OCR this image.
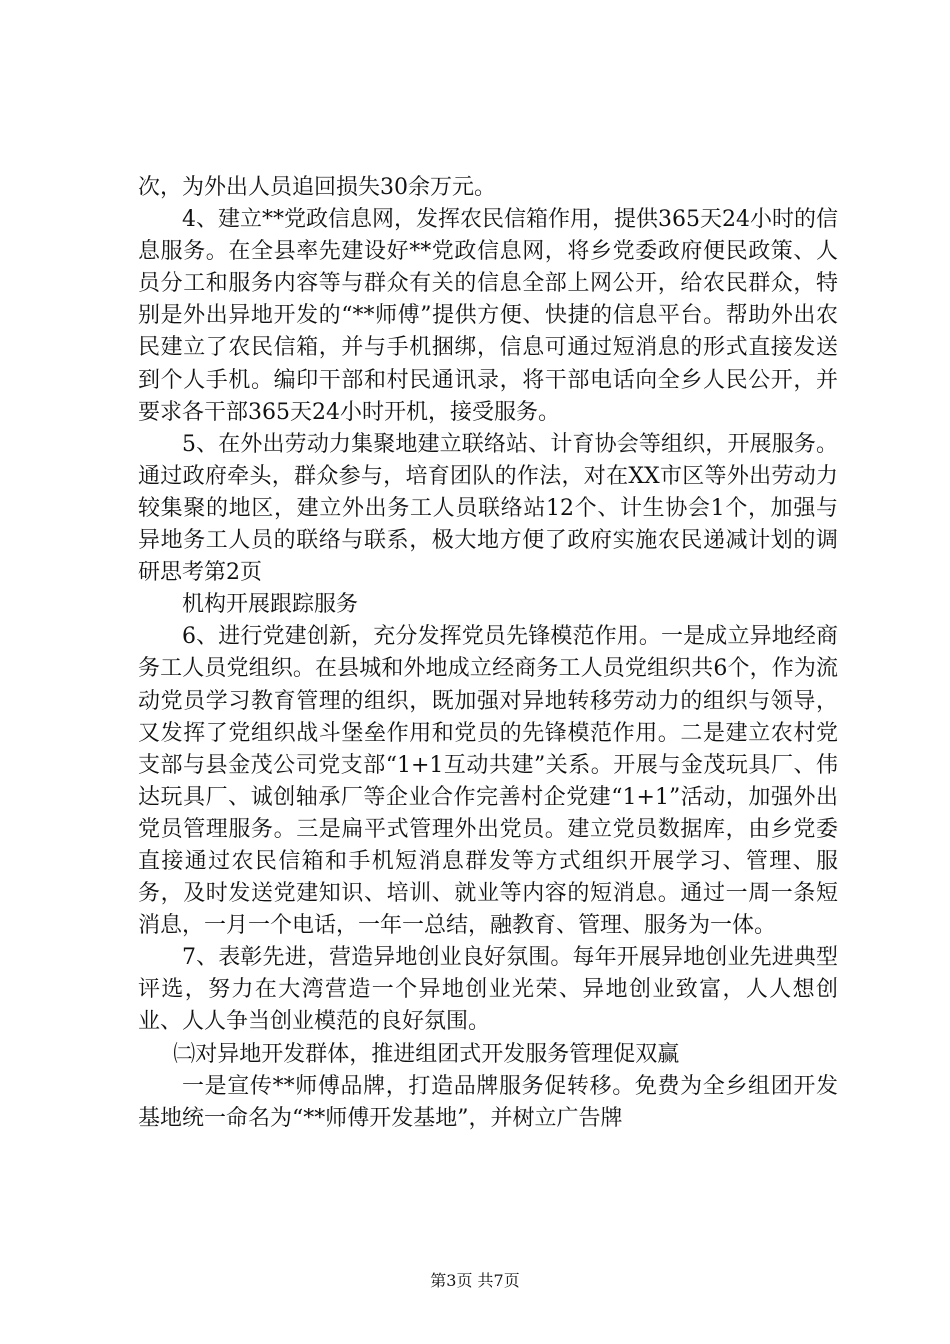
次，为外出人员追回损失30余万元。

4、建立**党政信息网，发挥农民信箱作用，提供365天24小时的信息服务。在全县率先建设好**党政信息网，将乡党委政府便民政策、人员分工和服务内容等与群众有关的信息全部上网公开，给农民群众，特别是外出异地开发的“**师傅”提供方便、快捷的信息平台。帮助外出农民建立了农民信箱，并与手机捆绑，信息可通过短消息的形式直接发送到个人手机。编印干部和村民通讯录，将干部电话向全乡人民公开，并要求各干部365天24小时开机，接受服务。

5、在外出劳动力集聚地建立联络站、计育协会等组织，开展服务。通过政府牵头，群众参与，培育团队的作法，对在XX市区等外出劳动力较集聚的地区，建立外出务工人员联络站12个、计生协会1个，加强与异地务工人员的联络与联系，极大地方便了政府实施农民递减计划的调研思考第2页

机构开展跟踪服务

6、进行党建创新，充分发挥党员先锋模范作用。一是成立异地经商务工人员党组织。在县城和外地成立经商务工人员党组织共6个，作为流动党员学习教育管理的组织，既加强对异地转移劳动力的组织与领导，又发挥了党组织战斗堡垒作用和党员的先锋模范作用。二是建立农村党支部与县金茂公司党支部“1+1互动共建”关系。开展与金茂玩具厂、伟达玩具厂、诚创轴承厂等企业合作完善村企党建“1+1”活动，加强外出党员管理服务。三是扁平式管理外出党员。建立党员数据库，由乡党委直接通过农民信箱和手机短消息群发等方式组织开展学习、管理、服务，及时发送党建知识、培训、就业等内容的短消息。通过一周一条短消息，一月一个电话，一年一总结，融教育、管理、服务为一体。

7、表彰先进，营造异地创业良好氛围。每年开展异地创业先进典型评选，努力在大湾营造一个异地创业光荣、异地创业致富，人人想创业、人人争当创业模范的良好氛围。

㈡对异地开发群体，推进组团式开发服务管理促双赢

一是宣传**师傅品牌，打造品牌服务促转移。免费为全乡组团开发基地统一命名为“**师傅开发基地”，并树立广告牌

第3页 共7页
